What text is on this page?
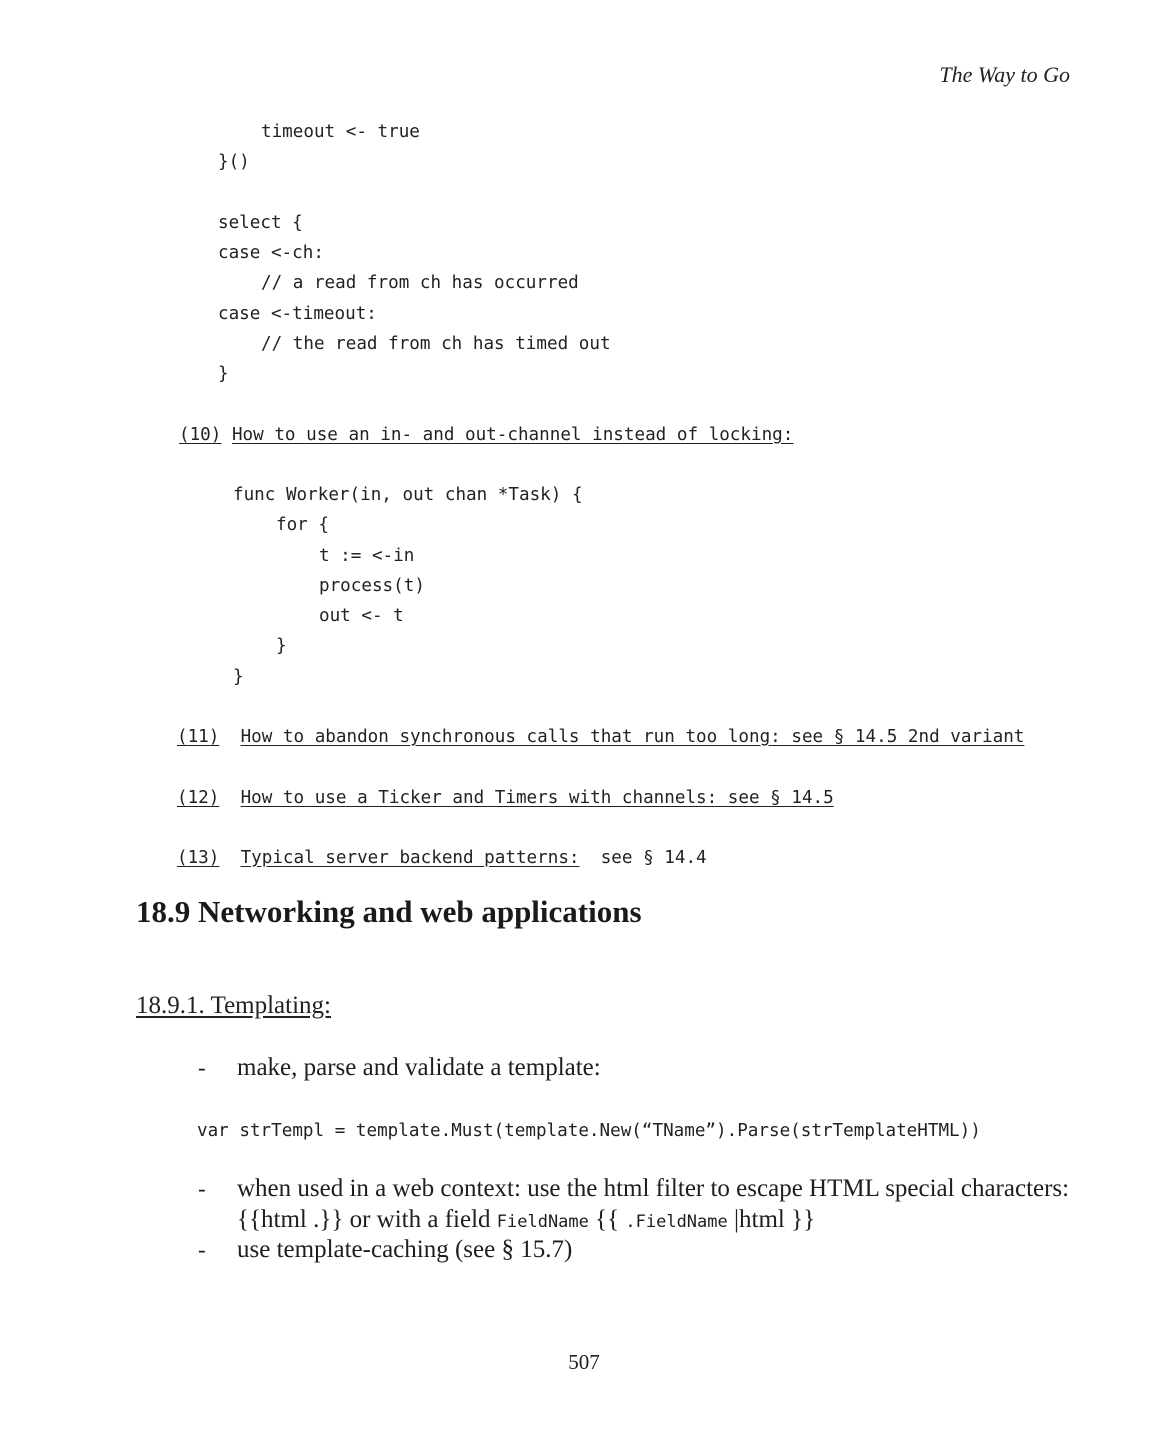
The Way to Go
timeout <- true
}()
select {
case <-ch:
// a read from ch has occurred
case <-timeout:
// the read from ch has timed out
}
(10) How to use an in- and out-channel instead of locking:
func Worker(in, out chan *Task) {
for {
t := <-in
process(t)
out <- t
}
}
(11) How to abandon synchronous calls that run too long: see § 14.5 2nd variant
(12) How to use a Ticker and Timers with channels: see § 14.5
(13) Typical server backend patterns: see § 14.4
18.9 Networking and web applications
18.9.1. Templating:
- make, parse and validate a template:
var strTempl = template.Must(template.New(“TName”).Parse(strTemplateHTML))
- when used in a web context: use the html filter to escape HTML special characters:
{{html .}} or with a field FieldName {{ .FieldName |html }}
- use template-caching (see § 15.7)
507
